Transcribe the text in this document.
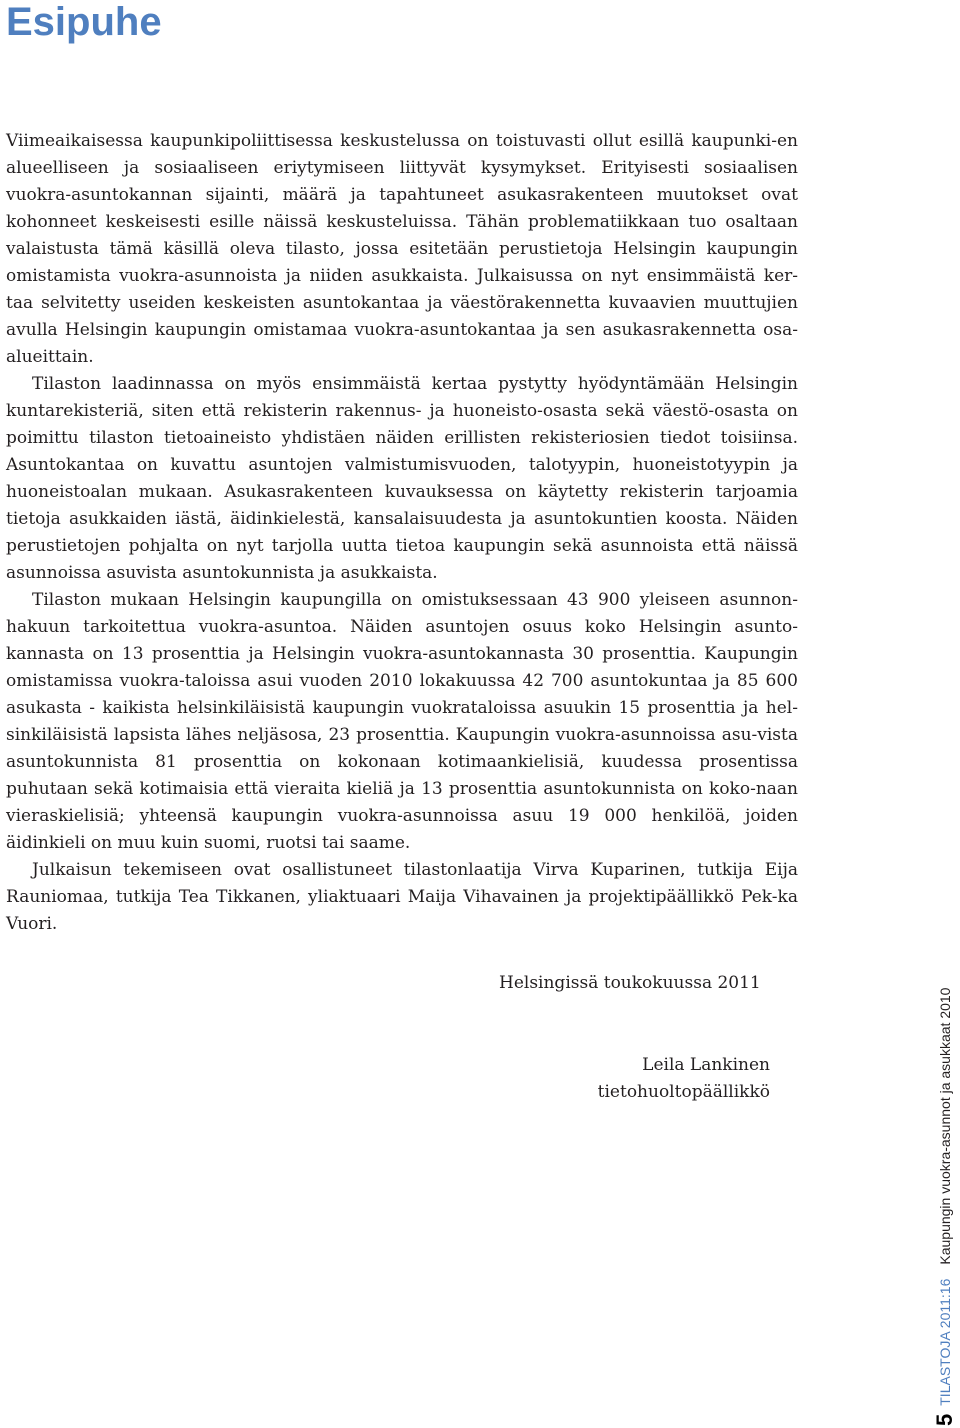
Esipuhe

Viimeaikaisessa kaupunkipoliittisessa keskustelussa on toistuvasti ollut esillä kaupunki-en alueelliseen ja sosiaaliseen eriytymiseen liittyvät kysymykset. Erityisesti sosiaalisen vuokra-asuntokannan sijainti, määrä ja tapahtuneet asukasrakenteen muutokset ovat kohonneet keskeisesti esille näissä keskusteluissa. Tähän problematiikkaan tuo osaltaan valaistusta tämä käsillä oleva tilasto, jossa esitetään perustietoja Helsingin kaupungin omistamista vuokra-asunnoista ja niiden asukkaista. Julkaisussa on nyt ensimmäistä ker-taa selvitetty useiden keskeisten asuntokantaa ja väestörakennetta kuvaavien muuttujien avulla Helsingin kaupungin omistamaa vuokra-asuntokantaa ja sen asukasrakennetta osa-alueittain.

Tilaston laadinnassa on myös ensimmäistä kertaa pystytty hyödyntämään Helsingin kuntarekisteriä, siten että rekisterin rakennus- ja huoneisto-osasta sekä väestö-osasta on poimittu tilaston tietoaineisto yhdistäen näiden erillisten rekisteriosien tiedot toisiinsa. Asuntokantaa on kuvattu asuntojen valmistumisvuoden, talotyypin, huoneistotyypin ja huoneistoalan mukaan. Asukasrakenteen kuvauksessa on käytetty rekisterin tarjoamia tietoja asukkaiden iästä, äidinkielestä, kansalaisuudesta ja asuntokuntien koosta. Näiden perustietojen pohjalta on nyt tarjolla uutta tietoa kaupungin sekä asunnoista että näissä asunnoissa asuvista asuntokunnista ja asukkaista.

Tilaston mukaan Helsingin kaupungilla on omistuksessaan 43 900 yleiseen asunnon-hakuun tarkoitettua vuokra-asuntoa. Näiden asuntojen osuus koko Helsingin asunto-kannasta on 13 prosenttia ja Helsingin vuokra-asuntokannasta 30 prosenttia. Kaupungin omistamissa vuokra-taloissa asui vuoden 2010 lokakuussa 42 700 asuntokuntaa ja 85 600 asukasta - kaikista helsinkiläisistä kaupungin vuokrataloissa asuukin 15 prosenttia ja hel-sinkiläisistä lapsista lähes neljäsosa, 23 prosenttia. Kaupungin vuokra-asunnoissa asu-vista asuntokunnista 81 prosenttia on kokonaan kotimaankielisiä, kuudessa prosentissa puhutaan sekä kotimaisia että vieraita kieliä ja 13 prosenttia asuntokunnista on koko-naan vieraskielisiä; yhteensä kaupungin vuokra-asunnoissa asuu 19 000 henkilöä, joiden äidinkieli on muu kuin suomi, ruotsi tai saame.

Julkaisun tekemiseen ovat osallistuneet tilastonlaatija Virva Kuparinen, tutkija Eija Rauniomaa, tutkija Tea Tikkanen, yliaktuaari Maija Vihavainen ja projektipäällikkö Pek-ka Vuori.

Helsingissä toukokuussa 2011
Leila Lankinen
tietohuoltopäällikkö
5
TILASTOJA 2011:16
Kaupungin vuokra-asunnot ja asukkaat 2010
